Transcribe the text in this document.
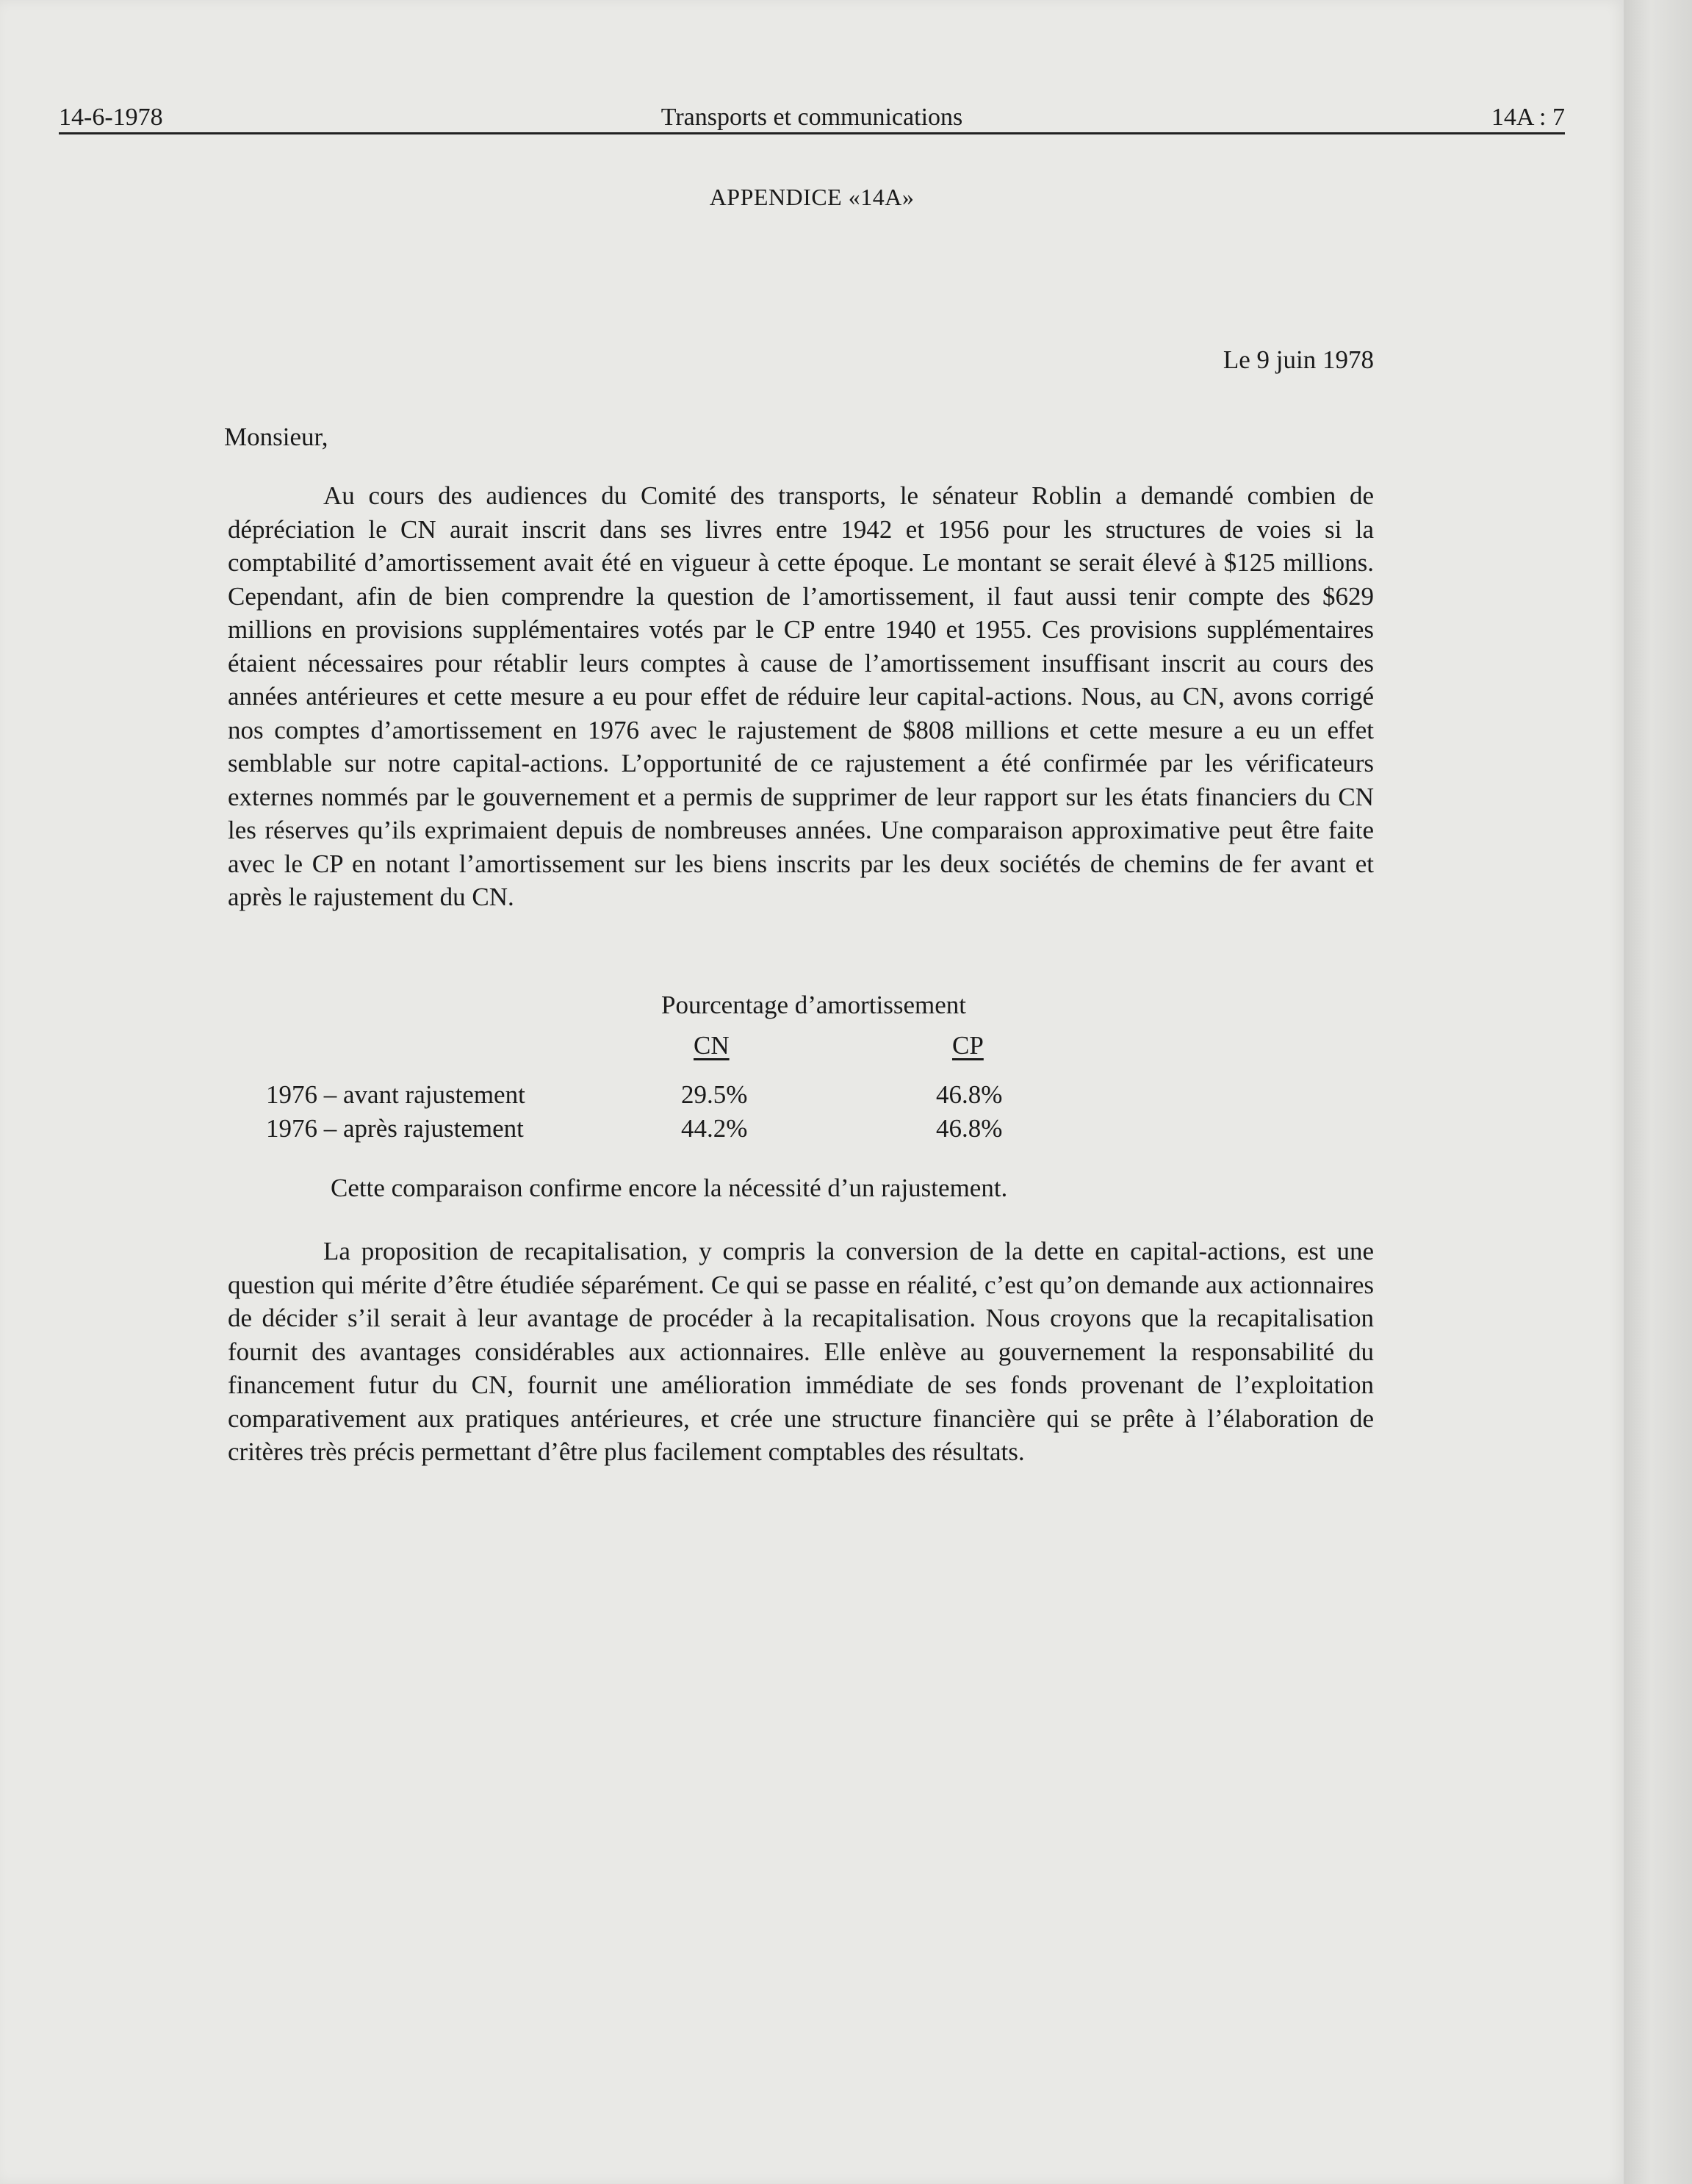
14-6-1978	Transports et communications	14A : 7
APPENDICE «14A»
Le 9 juin 1978
Monsieur,

Au cours des audiences du Comité des transports, le sénateur Roblin a demandé combien de dépréciation le CN aurait inscrit dans ses livres entre 1942 et 1956 pour les structures de voies si la comptabilité d’amortissement avait été en vigueur à cette époque. Le montant se serait élevé à $125 millions. Cependant, afin de bien comprendre la question de l’amortissement, il faut aussi tenir compte des $629 millions en provisions supplémentaires votés par le CP entre 1940 et 1955. Ces provisions supplémentaires étaient nécessaires pour rétablir leurs comptes à cause de l’amortissement insuffisant inscrit au cours des années antérieures et cette mesure a eu pour effet de réduire leur capital-actions. Nous, au CN, avons corrigé nos comptes d’amortissement en 1976 avec le rajustement de $808 millions et cette mesure a eu un effet semblable sur notre capital-actions. L’opportunité de ce rajustement a été confirmée par les vérificateurs externes nommés par le gouvernement et a permis de supprimer de leur rapport sur les états financiers du CN les réserves qu’ils exprimaient depuis de nombreuses années. Une comparaison approximative peut être faite avec le CP en notant l’amortissement sur les biens inscrits par les deux sociétés de chemins de fer avant et après le rajustement du CN.

Pourcentage d’amortissement
CN	CP
1976 – avant rajustement	29.5%	46.8%
1976 – après rajustement	44.2%	46.8%
Cette comparaison confirme encore la nécessité d’un rajustement.

La proposition de recapitalisation, y compris la conversion de la dette en capital-actions, est une question qui mérite d’être étudiée séparément. Ce qui se passe en réalité, c’est qu’on demande aux actionnaires de décider s’il serait à leur avantage de procéder à la recapitalisation. Nous croyons que la recapitalisation fournit des avantages considérables aux actionnaires. Elle enlève au gouvernement la responsabilité du financement futur du CN, fournit une amélioration immédiate de ses fonds provenant de l’exploitation comparativement aux pratiques antérieures, et crée une structure financière qui se prête à l’élaboration de critères très précis permettant d’être plus facilement comptables des résultats.
